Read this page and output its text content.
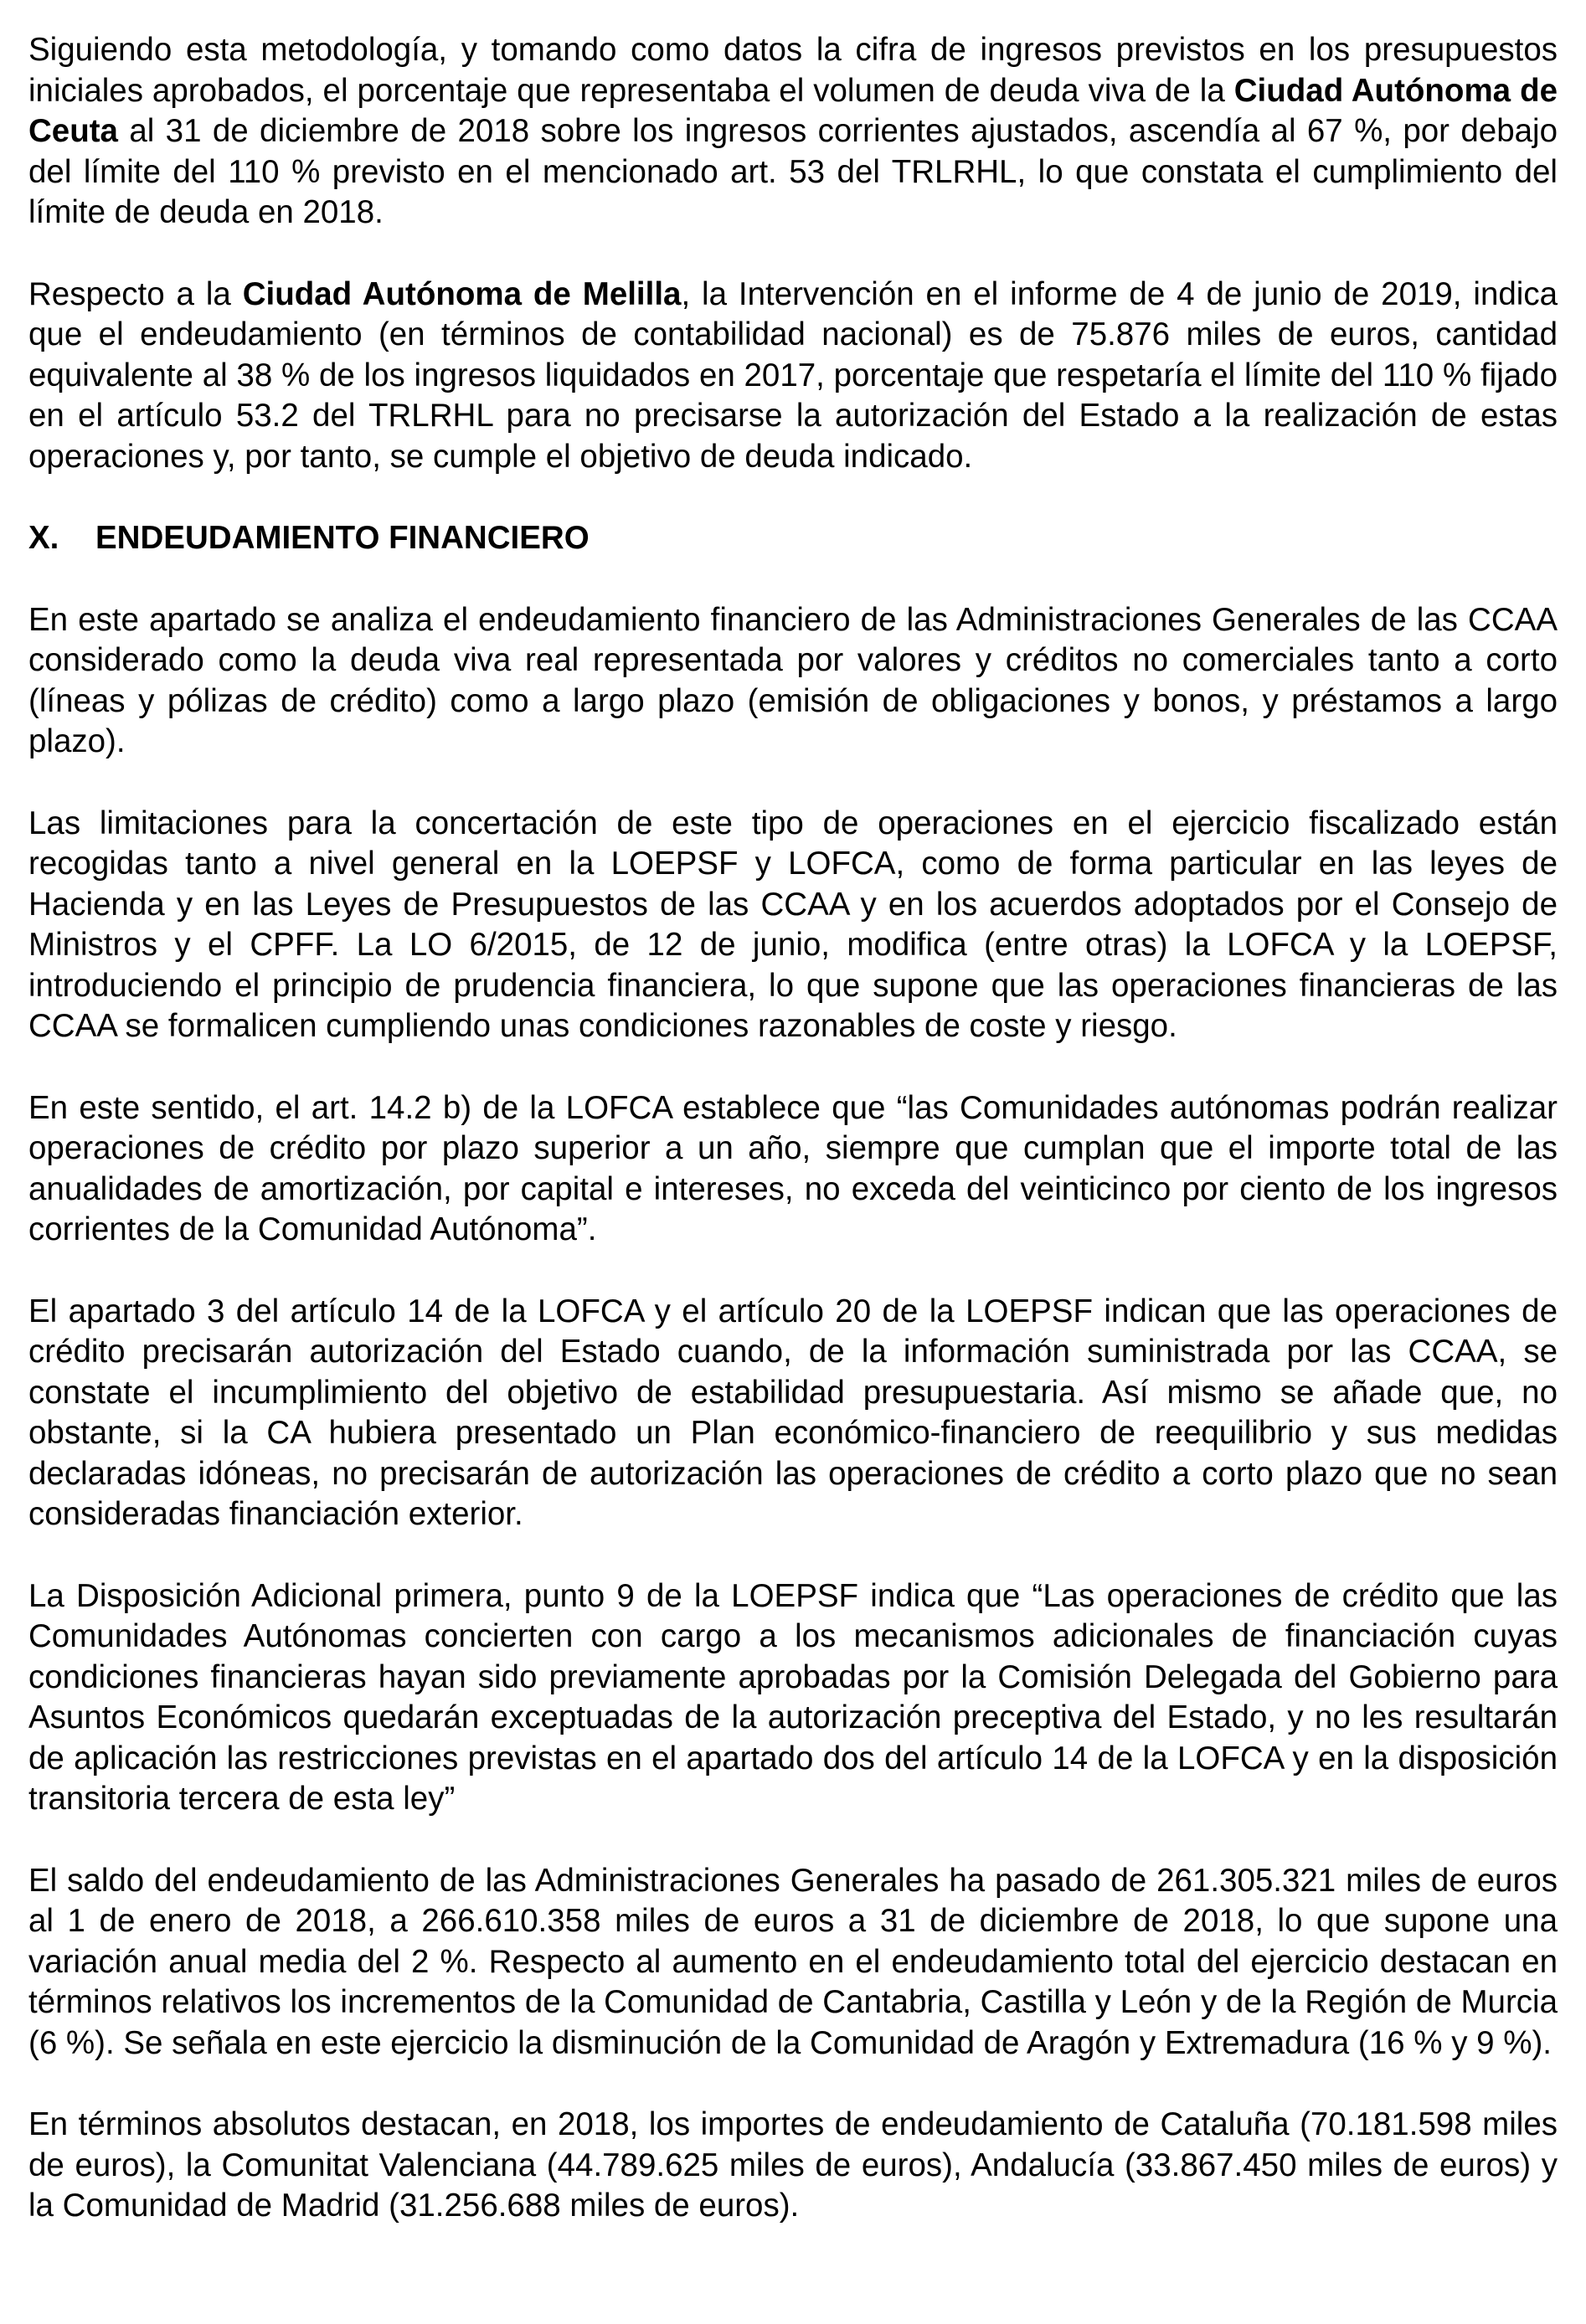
Siguiendo esta metodología, y tomando como datos la cifra de ingresos previstos en los presupuestos iniciales aprobados, el porcentaje que representaba el volumen de deuda viva de la Ciudad Autónoma de Ceuta al 31 de diciembre de 2018 sobre los ingresos corrientes ajustados, ascendía al 67 %, por debajo del límite del 110 % previsto en el mencionado art. 53 del TRLRHL, lo que constata el cumplimiento del límite de deuda en 2018.

Respecto a la Ciudad Autónoma de Melilla, la Intervención en el informe de 4 de junio de 2019, indica que el endeudamiento (en términos de contabilidad nacional) es de 75.876 miles de euros, cantidad equivalente al 38 % de los ingresos liquidados en 2017, porcentaje que respetaría el límite del 110 % fijado en el artículo 53.2 del TRLRHL para no precisarse la autorización del Estado a la realización de estas operaciones y, por tanto, se cumple el objetivo de deuda indicado.

X.	ENDEUDAMIENTO FINANCIERO

En este apartado se analiza el endeudamiento financiero de las Administraciones Generales de las CCAA considerado como la deuda viva real representada por valores y créditos no comerciales tanto a corto (líneas y pólizas de crédito) como a largo plazo (emisión de obligaciones y bonos, y préstamos a largo plazo).

Las limitaciones para la concertación de este tipo de operaciones en el ejercicio fiscalizado están recogidas tanto a nivel general en la LOEPSF y LOFCA, como de forma particular en las leyes de Hacienda y en las Leyes de Presupuestos de las CCAA y en los acuerdos adoptados por el Consejo de Ministros y el CPFF. La LO 6/2015, de 12 de junio, modifica (entre otras) la LOFCA y la LOEPSF, introduciendo el principio de prudencia financiera, lo que supone que las operaciones financieras de las CCAA se formalicen cumpliendo unas condiciones razonables de coste y riesgo.

En este sentido, el art. 14.2 b) de la LOFCA establece que “las Comunidades autónomas podrán realizar operaciones de crédito por plazo superior a un año, siempre que cumplan que el importe total de las anualidades de amortización, por capital e intereses, no exceda del veinticinco por ciento de los ingresos corrientes de la Comunidad Autónoma”.

El apartado 3 del artículo 14 de la LOFCA y el artículo 20 de la LOEPSF indican que las operaciones de crédito precisarán autorización del Estado cuando, de la información suministrada por las CCAA, se constate el incumplimiento del objetivo de estabilidad presupuestaria. Así mismo se añade que, no obstante, si la CA hubiera presentado un Plan económico-financiero de reequilibrio y sus medidas declaradas idóneas, no precisarán de autorización las operaciones de crédito a corto plazo que no sean consideradas financiación exterior.

La Disposición Adicional primera, punto 9 de la LOEPSF indica que “Las operaciones de crédito que las Comunidades Autónomas concierten con cargo a los mecanismos adicionales de financiación cuyas condiciones financieras hayan sido previamente aprobadas por la Comisión Delegada del Gobierno para Asuntos Económicos quedarán exceptuadas de la autorización preceptiva del Estado, y no les resultarán de aplicación las restricciones previstas en el apartado dos del artículo 14 de la LOFCA y en la disposición transitoria tercera de esta ley”

El saldo del endeudamiento de las Administraciones Generales ha pasado de 261.305.321 miles de euros al 1 de enero de 2018, a 266.610.358 miles de euros a 31 de diciembre de 2018, lo que supone una variación anual media del 2 %. Respecto al aumento en el endeudamiento total del ejercicio destacan en términos relativos los incrementos de la Comunidad de Cantabria, Castilla y León y de la Región de Murcia (6 %). Se señala en este ejercicio la disminución de la Comunidad de Aragón y Extremadura (16 % y 9 %).

En términos absolutos destacan, en 2018, los importes de endeudamiento de Cataluña (70.181.598 miles de euros), la Comunitat Valenciana (44.789.625 miles de euros), Andalucía (33.867.450 miles de euros) y la Comunidad de Madrid (31.256.688 miles de euros).
